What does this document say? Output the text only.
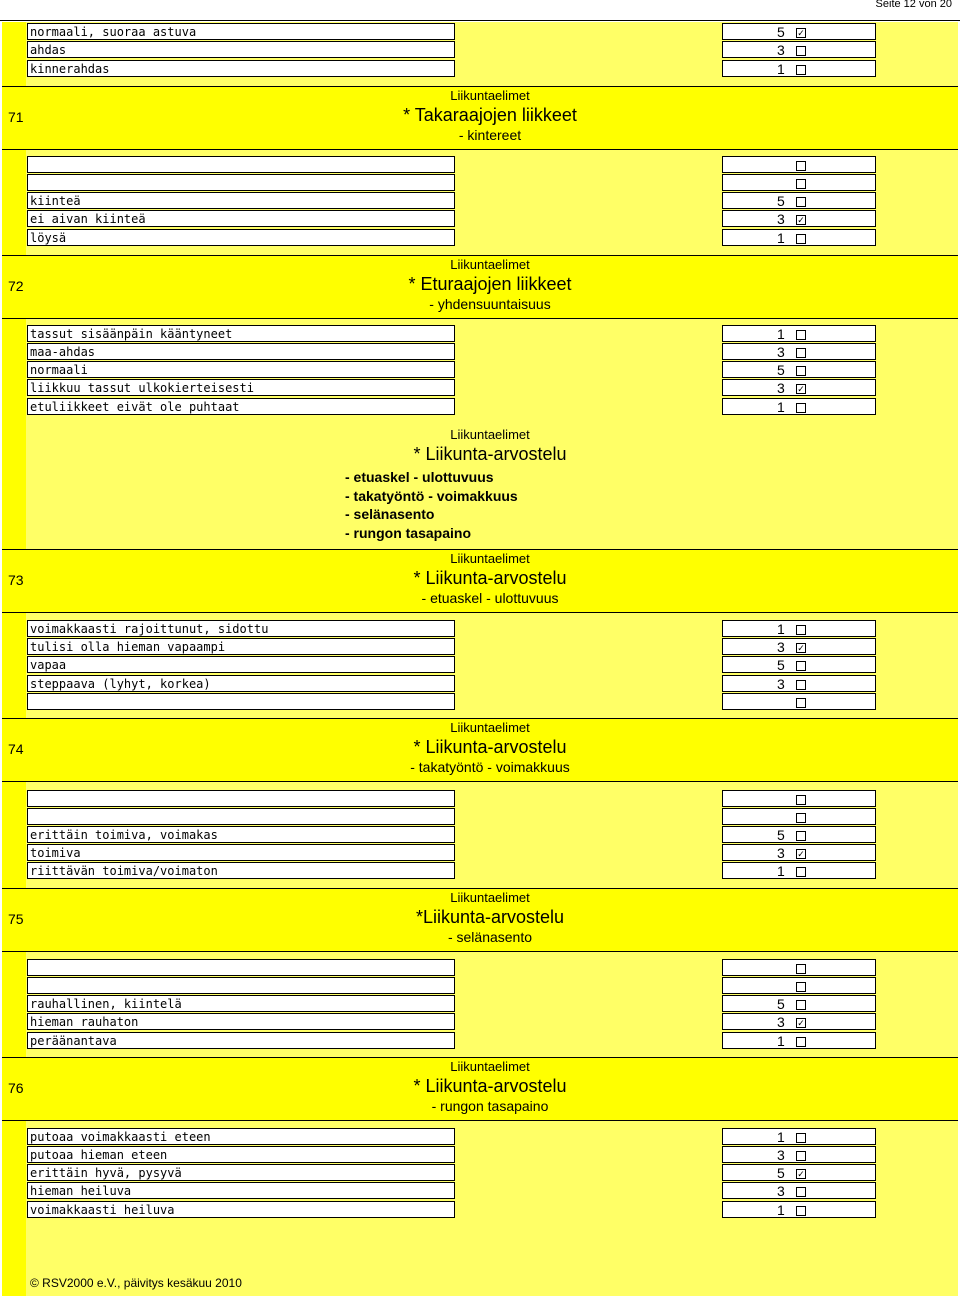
Seite 12 von 20
71
72
73
74
75
76
Liikuntaelimet
* Takaraajojen liikkeet
- kintereet
Liikuntaelimet
* Eturaajojen liikkeet
- yhdensuuntaisuus
Liikuntaelimet
* Liikunta-arvostelu
- etuaskel - ulottuvuus
- takatyöntö - voimakkuus
- selänasento
- rungon tasapaino
Liikuntaelimet
* Liikunta-arvostelu
- etuaskel - ulottuvuus
Liikuntaelimet
* Liikunta-arvostelu
- takatyöntö - voimakkuus
Liikuntaelimet
*Liikunta-arvostelu
- selänasento
Liikuntaelimet
* Liikunta-arvostelu
- rungon tasapaino
normaali, suoraa astuva	5 ✓
ahdas	3
kinnerahdas	1
kiinteä	5
ei aivan kiinteä	3 ✓
löysä	1
tassut sisäänpäin kääntyneet	1
maa-ahdas	3
normaali	5
liikkuu tassut ulkokierteisesti	3 ✓
etuliikkeet eivät ole puhtaat	1
voimakkaasti rajoittunut, sidottu	1
tulisi olla hieman vapaampi	3 ✓
vapaa	5
steppaava (lyhyt, korkea)	3
erittäin toimiva, voimakas	5
toimiva	3 ✓
riittävän toimiva/voimaton	1
rauhallinen, kiintelä	5
hieman rauhaton	3 ✓
peräänantava	1
putoaa voimakkaasti eteen	1
putoaa hieman eteen	3
erittäin hyvä, pysyvä	5 ✓
hieman heiluva	3
voimakkaasti heiluva	1
© RSV2000 e.V., päivitys kesäkuu 2010
